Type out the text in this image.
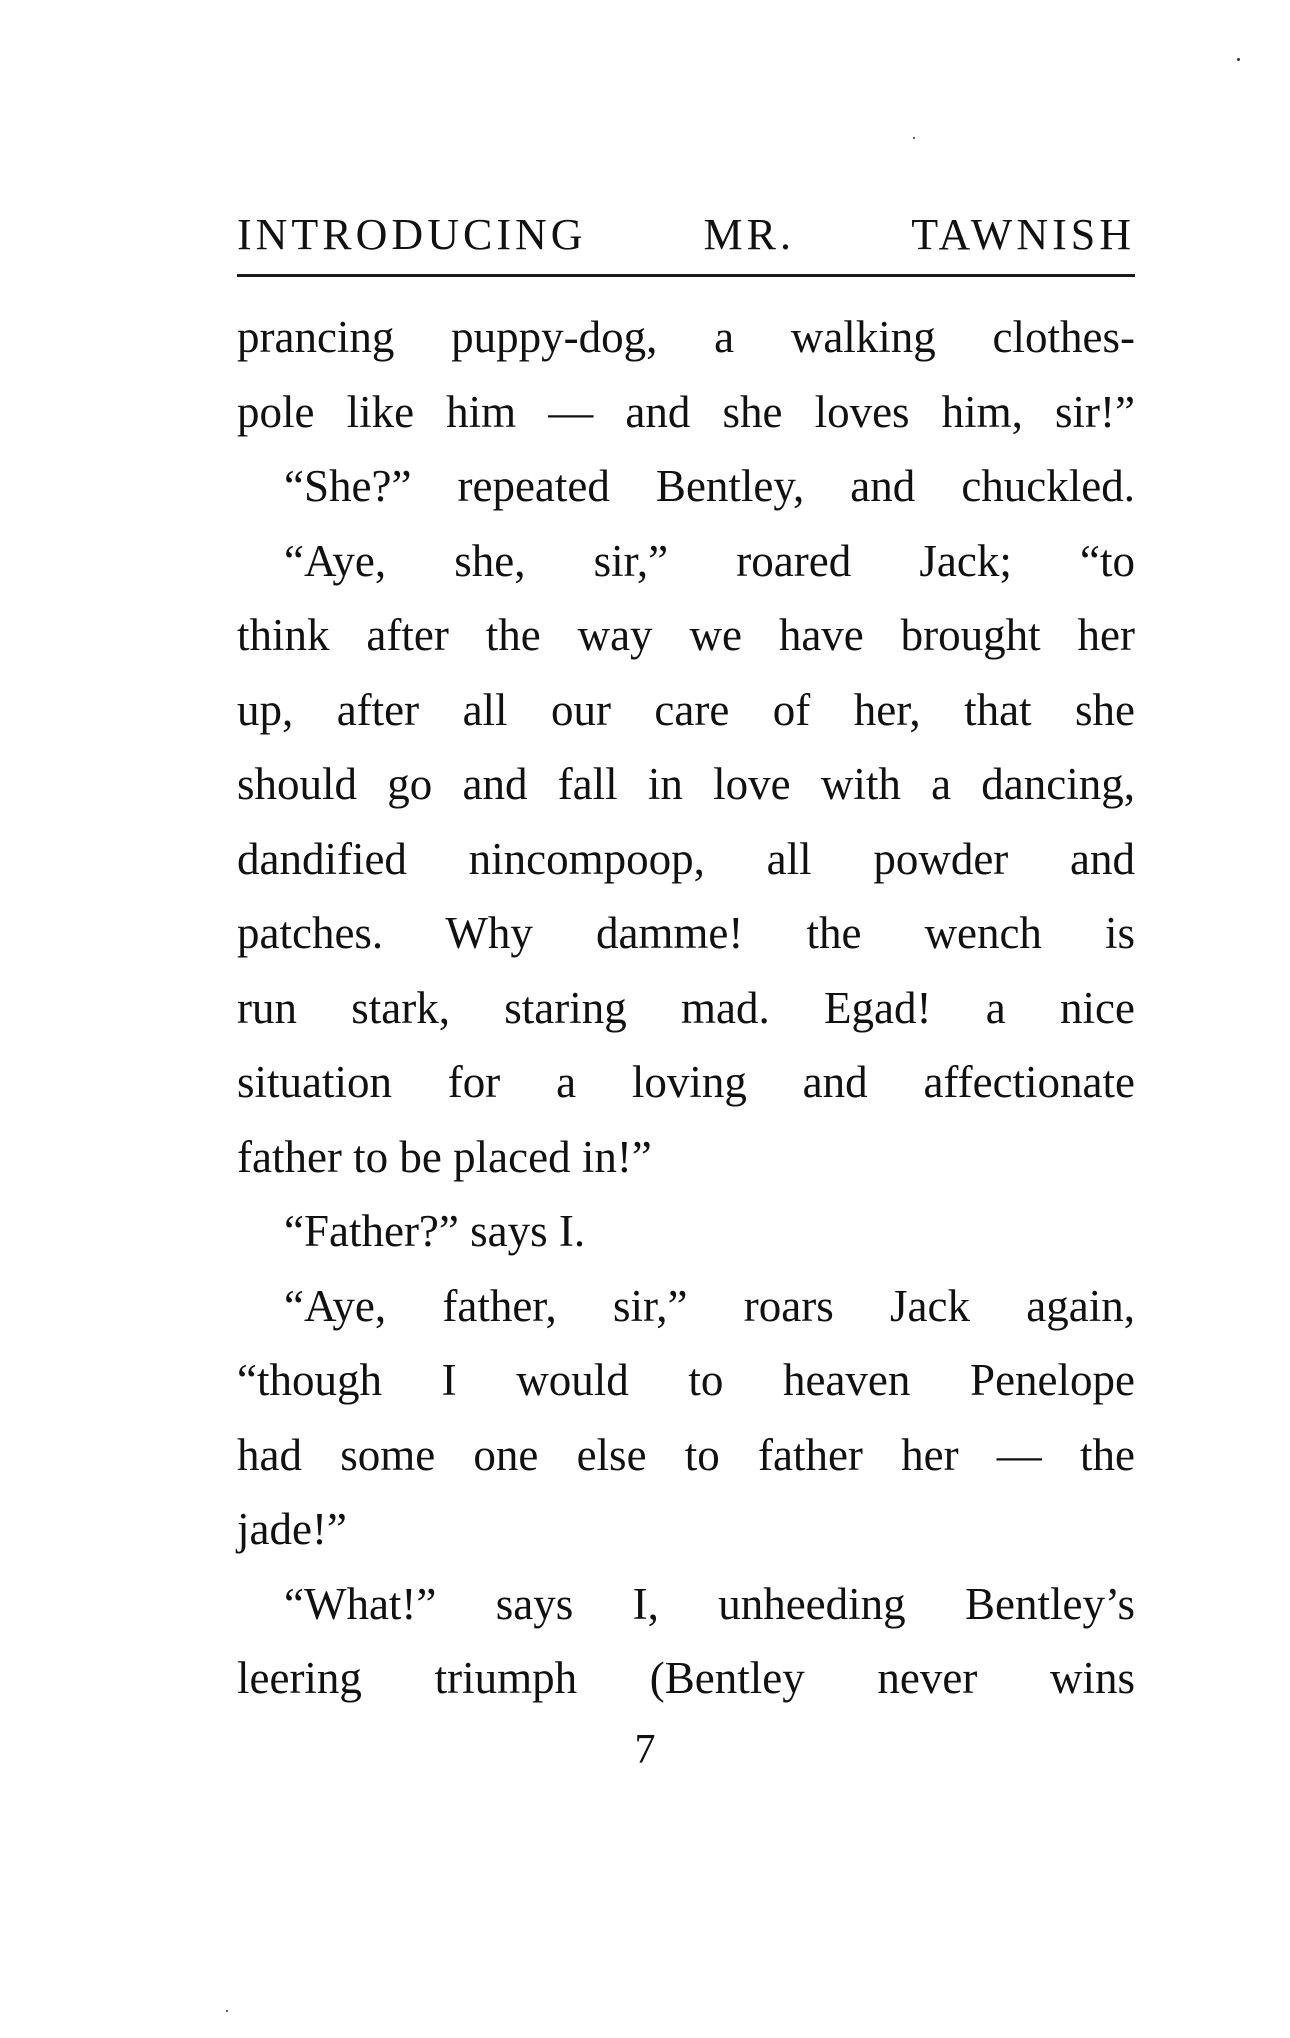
INTRODUCING MR. TAWNISH
prancing puppy-dog, a walking clothes-
pole like him — and she loves him, sir!”
“She?” repeated Bentley, and chuckled.
“Aye, she, sir,” roared Jack; “to
think after the way we have brought her
up, after all our care of her, that she
should go and fall in love with a dancing,
dandified nincompoop, all powder and
patches. Why damme! the wench is
run stark, staring mad. Egad! a nice
situation for a loving and affectionate
father to be placed in!”
“Father?” says I.
“Aye, father, sir,” roars Jack again,
“though I would to heaven Penelope
had some one else to father her — the
jade!”
“What!” says I, unheeding Bentley’s
leering triumph (Bentley never wins
7
